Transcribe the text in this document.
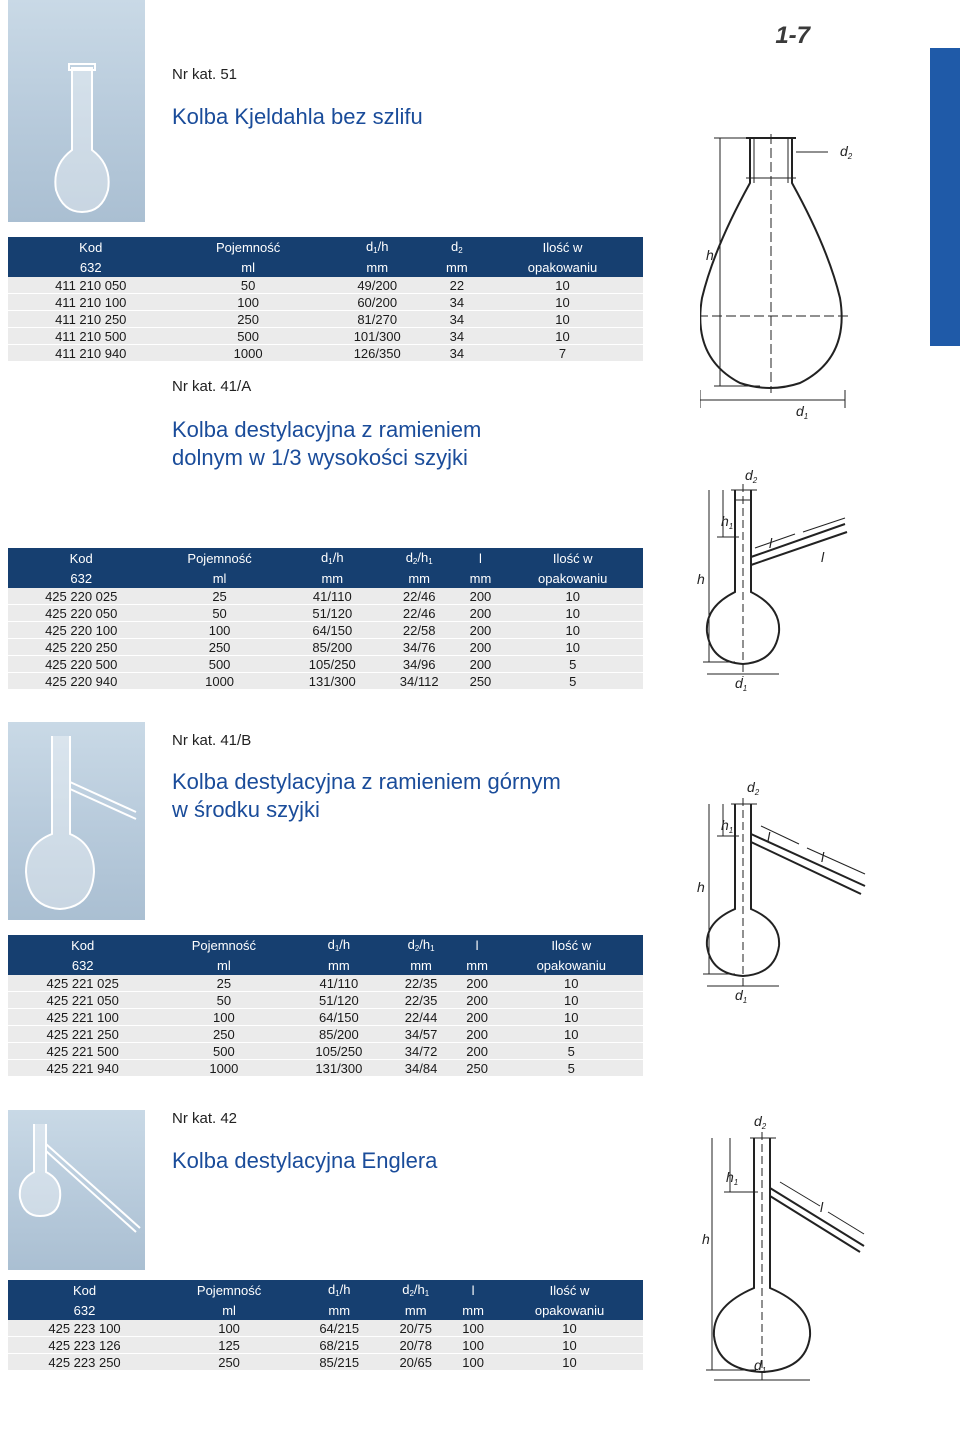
1-7
Nr kat. 51
Kolba Kjeldahla bez szlifu
Kod	Pojemność	$d_1/h$	$d_2$	Ilość w
632	ml	mm	mm	opakowaniu
411 210 050	50	49/200	22	10
411 210 100	100	60/200	34	10
411 210 250	250	81/270	34	10
411 210 500	500	101/300	34	10
411 210 940	1000	126/350	34	7
h
$d_2$
$d_1$
Nr kat. 41/A
Kolba destylacyjna z ramieniem
dolnym w 1/3 wysokości szyjki
Kod	Pojemność	$d_1/h$	$d_2/h_1$	l	Ilość w
632	ml	mm	mm	mm	opakowaniu
425 220 025	25	41/110	22/46	200	10
425 220 050	50	51/120	22/46	200	10
425 220 100	100	64/150	22/58	200	10
425 220 250	250	85/200	34/76	200	10
425 220 500	500	105/250	34/96	200	5
425 220 940	1000	131/300	34/112	250	5
$d_2$
$h_1$
h
l
l
$d_1$
Nr kat. 41/B
Kolba destylacyjna z ramieniem górnym
w środku szyjki
Kod	Pojemność	$d_1/h$	$d_2/h_1$	l	Ilość w
632	ml	mm	mm	mm	opakowaniu
425 221 025	25	41/110	22/35	200	10
425 221 050	50	51/120	22/35	200	10
425 221 100	100	64/150	22/44	200	10
425 221 250	250	85/200	34/57	200	10
425 221 500	500	105/250	34/72	200	5
425 221 940	1000	131/300	34/84	250	5
$d_2$
$h_1$
h
l
l
$d_1$
Nr kat. 42
Kolba destylacyjna Englera
Kod	Pojemność	$d_1/h$	$d_2/h_1$	l	Ilość w
632	ml	mm	mm	mm	opakowaniu
425 223 100	100	64/215	20/75	100	10
425 223 126	125	68/215	20/78	100	10
425 223 250	250	85/215	20/65	100	10
$d_2$
$h_1$
h
l
$d_1$
